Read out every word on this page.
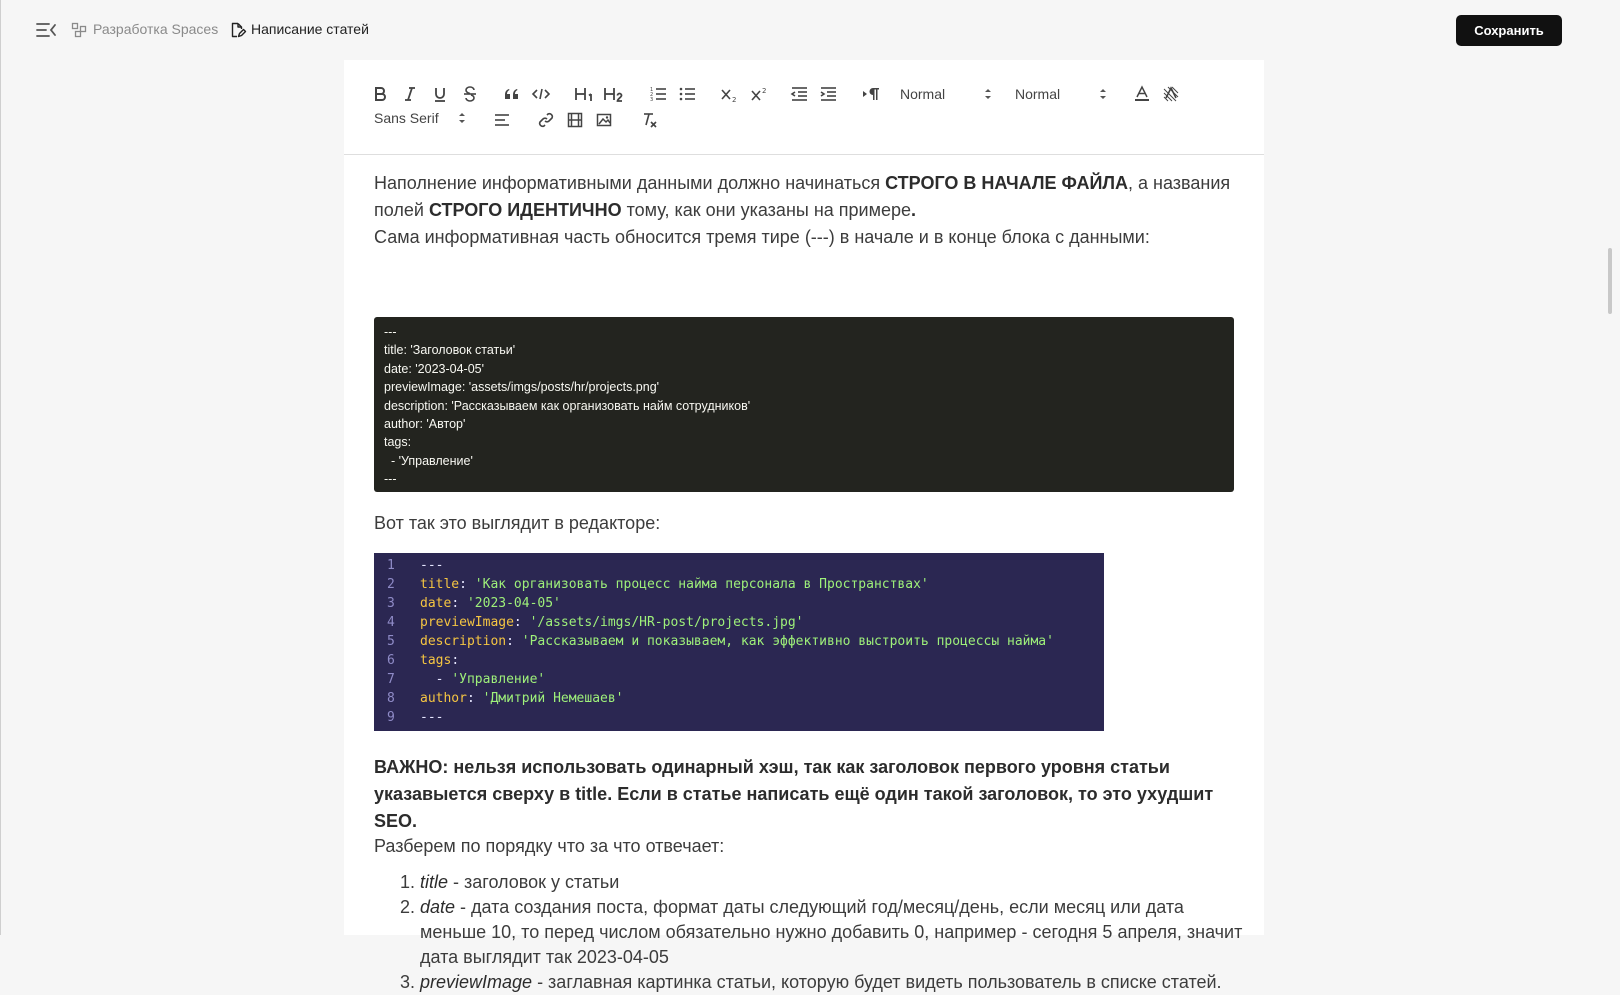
Разработка Spaces Написание статей	Сохранить
1
2
3	2
2	Normal	Normal
Sans Serif
Наполнение информативными данными должно начинаться СТРОГО В НАЧАЛЕ ФАЙЛА, а названия полей СТРОГО ИДЕНТИЧНО тому, как они указаны на примере.
Сама информативная часть обносится тремя тире (---) в начале и в конце блока с данными:
---
title: 'Заголовок статьи'
date: '2023-04-05'
previewImage: 'assets/imgs/posts/hr/projects.png'
description: 'Рассказываем как организовать найм сотрудников'
author: 'Автор'
tags:
- 'Управление'
---
Вот так это выглядит в редакторе:
1	---
2	title : 'Как организовать процесс найма персонала в Пространствах'
3	date : '2023-04-05'
4	previewImage : '/assets/imgs/HR-post/projects.jpg'
5	description : 'Рассказываем и показываем, как эффективно выстроить процессы найма'
6	tags :
7	- 'Управление'
8	author : 'Дмитрий Немешаев'
9	---
ВАЖНО: нельзя использовать одинарный хэш, так как заголовок первого уровня статьи
указавыется сверху в title. Если в статье написать ещё один такой заголовок, то это ухудшит SEO.
Разберем по порядку что за что отвечает:
1. title - заголовок у статьи
2. date - дата создания поста, формат даты следующий год/месяц/день, если месяц или дата меньше 10, то перед числом обязательно нужно добавить 0, например - сегодня 5 апреля, значит дата выглядит так 2023-04-05
3. previewImage - заглавная картинка статьи, которую будет видеть пользователь в списке статей.
